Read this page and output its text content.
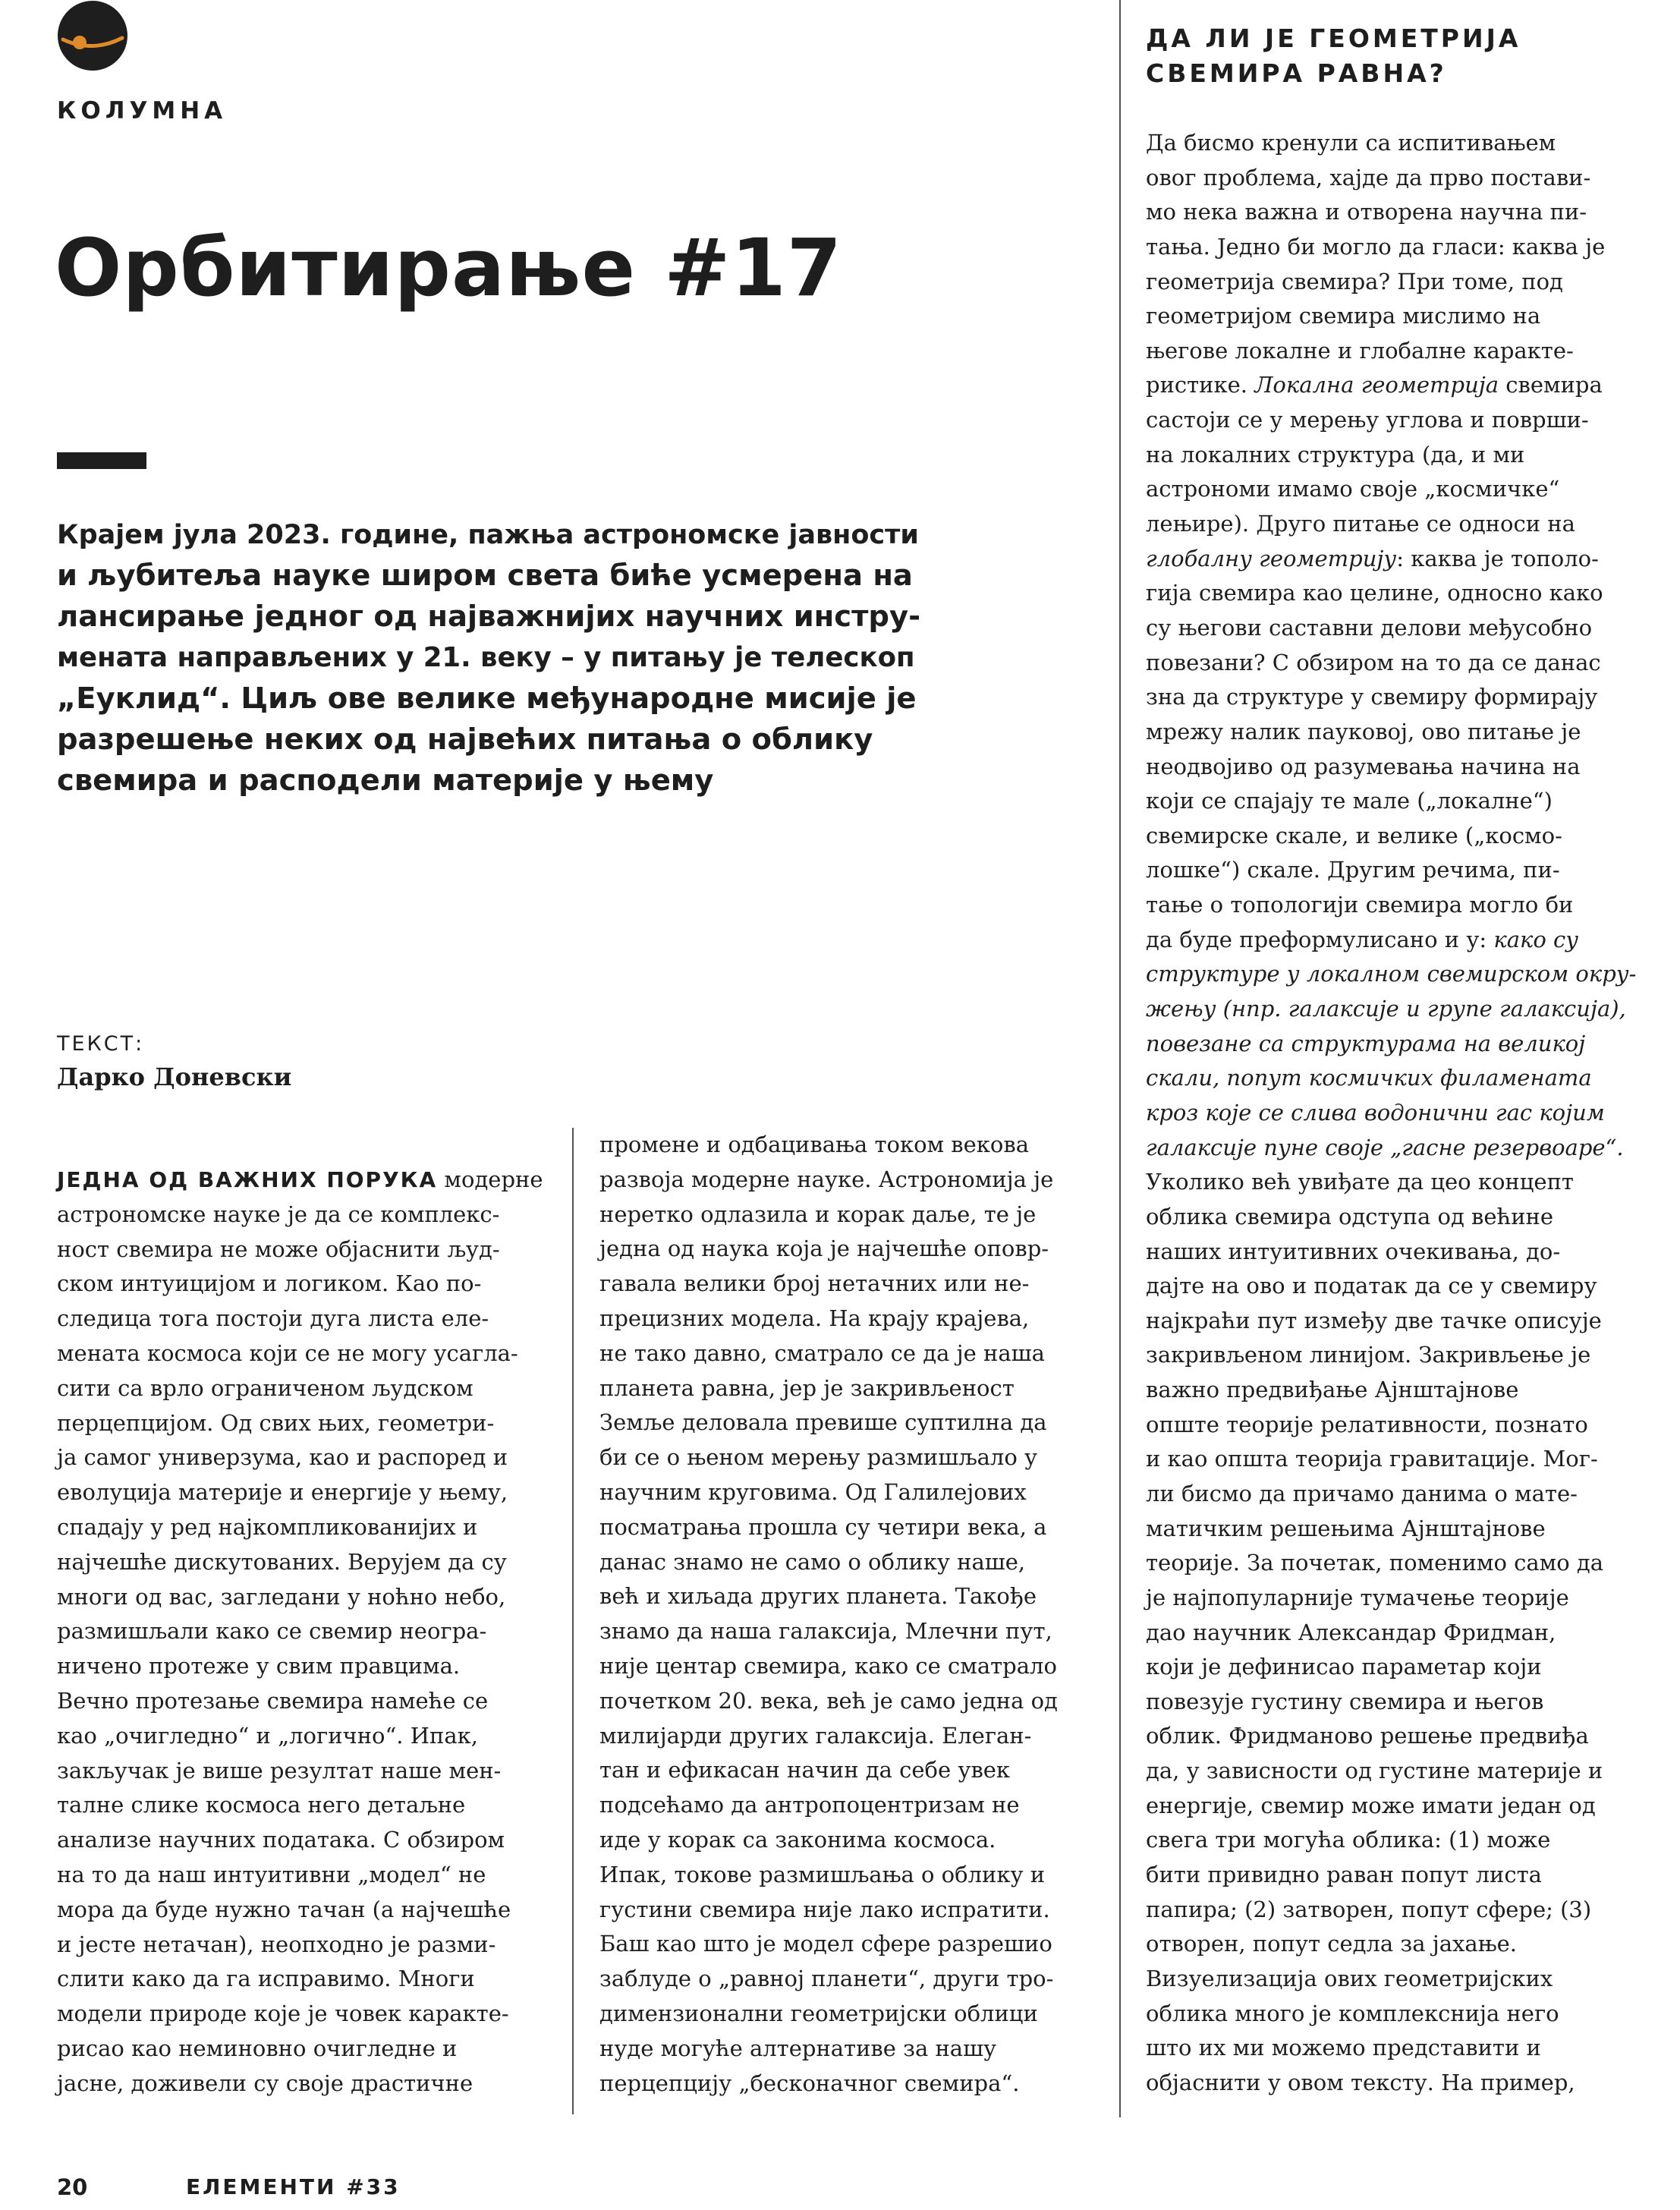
КОЛУМНА
Орбитирање #17
Крајем јула 2023. године, пажња астрономске јавности
и љубитеља науке широм света биће усмерена на
лансирање једног од најважнијих научних инстру-
мената направљених у 21. веку – у питању је телескоп
„Еуклид“. Циљ ове велике међународне мисије је
разрешење неких од највећих питања о облику
свемира и расподели материје у њему
ТЕКСТ:
Дарко Доневски
ЈЕДНА ОД ВАЖНИХ ПОРУКА модерне
астрономске науке је да се комплекс-
ност свемира не може објаснити људ-
ском интуицијом и логиком. Као по-
следица тога постоји дуга листа еле-
мената космоса који се не могу усагла-
сити са врло ограниченом људском
перцепцијом. Од свих њих, геометри-
ја самог универзума, као и распоред и
еволуција материје и енергије у њему,
спадају у ред најкомпликованијих и
најчешће дискутованих. Верујем да су
многи од вас, загледани у ноћно небо,
размишљали како се свемир неогра-
ничено протеже у свим правцима.
Вечно протезање свемира намеће се
као „очигледно“ и „логично“. Ипак,
закључак је више резултат наше мен-
талне слике космоса него детаљне
анализе научних података. С обзиром
на то да наш интуитивни „модел“ не
мора да буде нужно тачан (а најчешће
и јесте нетачан), неопходно је разми-
слити како да га исправимо. Многи
модели природе које је човек каракте-
рисао као неминовно очигледне и
јасне, доживели су своје драстичне
промене и одбацивања током векова
развоја модерне науке. Астрономија је
неретко одлазила и корак даље, те је
једна од наука која је најчешће оповр-
гавала велики број нетачних или не-
прецизних модела. На крају крајева,
не тако давно, сматрало се да је наша
планета равна, јер је закривљеност
Земље деловала превише суптилна да
би се о њеном мерењу размишљало у
научним круговима. Од Галилејових
посматрања прошла су четири века, а
данас знамо не само о облику наше,
већ и хиљада других планета. Такође
знамо да наша галаксија, Млечни пут,
није центар свемира, како се сматрало
почетком 20. века, већ је само једна од
милијарди других галаксија. Елеган-
тан и ефикасан начин да себе увек
подсећамо да антропоцентризам не
иде у корак са законима космоса.
Ипак, токове размишљања о облику и
густини свемира није лако испратити.
Баш као што је модел сфере разрешио
заблуде о „равној планети“, други тро-
димензионални геометријски облици
нуде могуће алтернативе за нашу
перцепцију „бесконачног свемира“.
ДА ЛИ ЈЕ ГЕОМЕТРИЈА
СВЕМИРА РАВНА?
Да бисмо кренули са испитивањем
овог проблема, хајде да прво постави-
мо нека важна и отворена научна пи-
тања. Једно би могло да гласи: каква је
геометрија свемира? При томе, под
геометријом свемира мислимо на
његове локалне и глобалне каракте-
ристике. Локална геометрија свемира
састоји се у мерењу углова и површи-
на локалних структура (да, и ми
астрономи имамо своје „космичке“
лењире). Друго питање се односи на
глобалну геометрију: каква је тополо-
гија свемира као целине, односно како
су његови саставни делови међусобно
повезани? С обзиром на то да се данас
зна да структуре у свемиру формирају
мрежу налик пауковој, ово питање је
неодвојиво од разумевања начина на
који се спајају те мале („локалне“)
свемирске скале, и велике („космо-
лошке“) скале. Другим речима, пи-
тање о топологији свемира могло би
да буде преформулисано и у: како су
структуре у локалном свемирском окру-
жењу (нпр. галаксије и групе галаксија),
повезане са структурама на великој
скали, попут космичких филамената
кроз које се слива водонични гас којим
галаксије пуне своје „гасне резервоаре“.
Уколико већ увиђате да цео концепт
облика свемира одступа од већине
наших интуитивних очекивања, до-
дајте на ово и податак да се у свемиру
најкраћи пут између две тачке описује
закривљеном линијом. Закривљење је
важно предвиђање Ајнштајнове
опште теорије релативности, познато
и као општа теорија гравитације. Мог-
ли бисмо да причамо данима о мате-
матичким решењима Ајнштајнове
теорије. За почетак, поменимо само да
је најпопуларније тумачење теорије
дао научник Александар Фридман,
који је дефинисао параметар који
повезује густину свемира и његов
облик. Фридманово решење предвиђа
да, у зависности од густине материје и
енергије, свемир може имати један од
свега три могућа облика: (1) може
бити привидно раван попут листа
папира; (2) затворен, попут сфере; (3)
отворен, попут седла за јахање.
Визуелизација ових геометријских
облика много је комплекснија него
што их ми можемо представити и
објаснити у овом тексту. На пример,
20	ЕЛЕМЕНТИ #33
